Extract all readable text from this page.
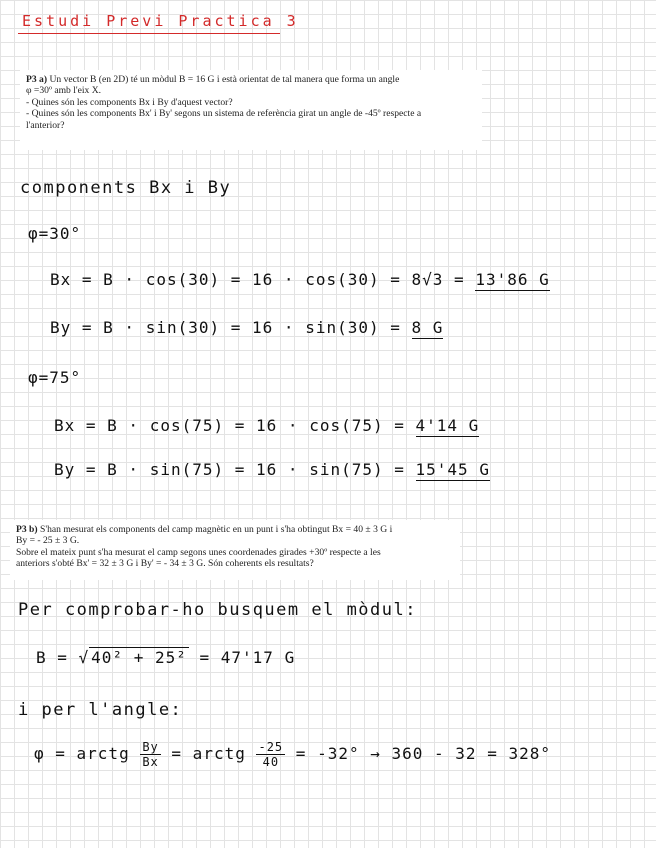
Estudi Previ Practica 3

P3 a) Un vector B (en 2D) té un mòdul B = 16 G i està orientat de tal manera que forma un angle

φ =30º amb l'eix X.

- Quines són les components Bx i By d'aquest vector?

- Quines són les components Bx' i By' segons un sistema de referència girat un angle de -45º respecte a

l'anterior?

components Bx i By
φ=30°
Bx = B · cos(30) = 16 · cos(30) = 8√3 = 13'86 G
By = B · sin(30) = 16 · sin(30) = 8 G
φ=75°
Bx = B · cos(75) = 16 · cos(75) = 4'14 G
By = B · sin(75) = 16 · sin(75) = 15'45 G

P3 b) S'han mesurat els components del camp magnètic en un punt i s'ha obtingut Bx = 40 ± 3 G i

By = - 25 ± 3 G.

Sobre el mateix punt s'ha mesurat el camp segons unes coordenades girades +30º respecte a les

anteriors s'obté Bx' = 32 ± 3 G i By' = - 34 ± 3 G. Són coherents els resultats?

Per comprobar-ho busquem el mòdul:
B = √ 40² + 25² = 47'17 G
i per l'angle:
φ = arctg $\frac{By}{Bx}$ = arctg $\frac{-25}{40} = -32^\circ \to 360 - 32 = 328^\circ$
